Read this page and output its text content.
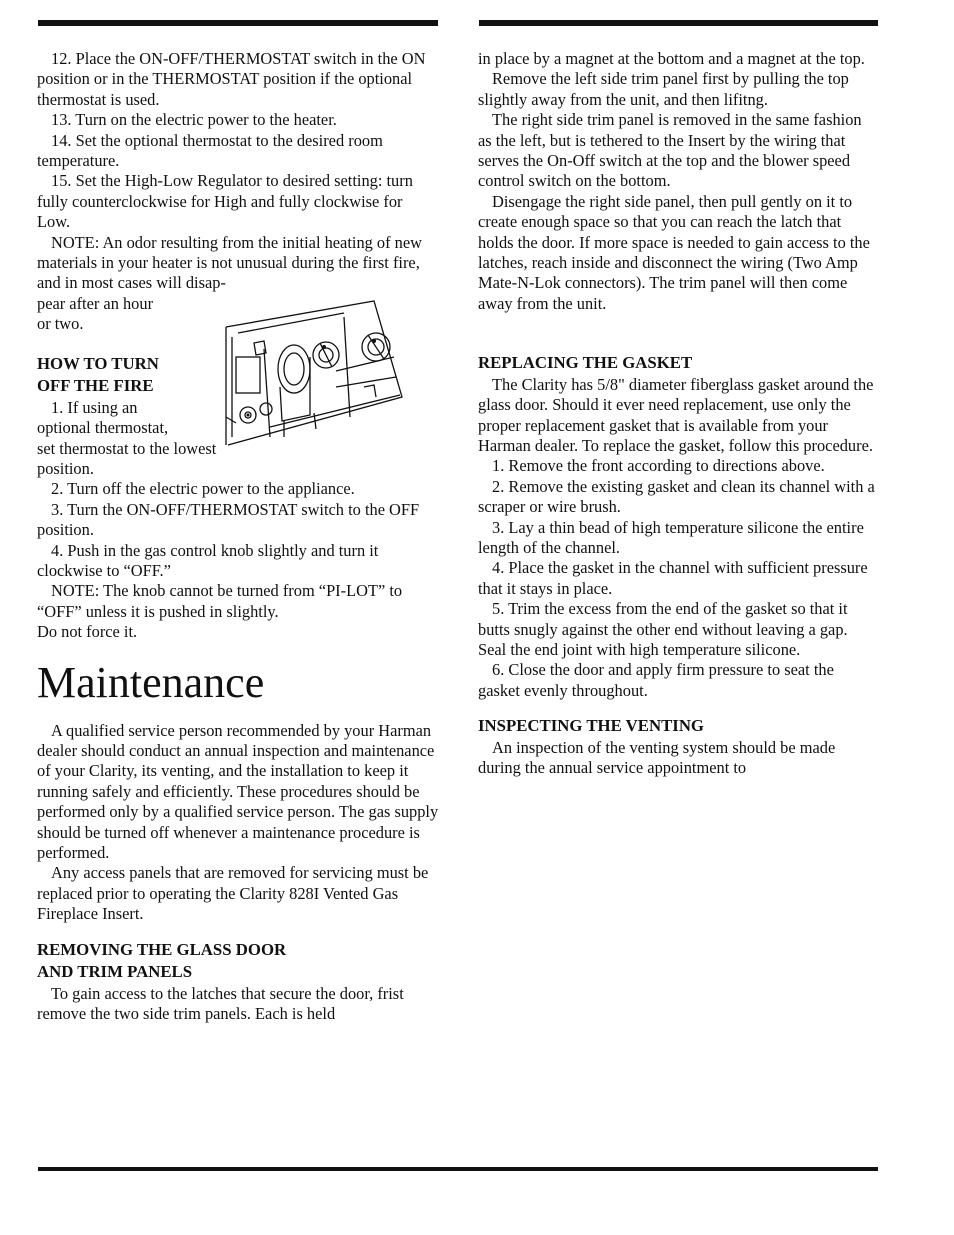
12. Place the ON-OFF/THERMOSTAT switch in the ON position or in the THERMOSTAT position if the optional thermostat is used.

13. Turn on the electric power to the heater.

14. Set the optional thermostat to the desired room temperature.

15. Set the High-Low Regulator to desired setting: turn fully counterclockwise for High and fully clockwise for Low.

NOTE: An odor resulting from the initial heating of new materials in your heater is not unusual during the first fire, and in most cases will disap-

pear after an hour

or two.

HOW TO TURN

OFF THE FIRE

1. If using an

optional thermostat,

set thermostat to the lowest

position.

2. Turn off the electric power to the appliance.

3. Turn the ON-OFF/THERMOSTAT switch to the OFF position.

4. Push in the gas control knob slightly and turn it clockwise to “OFF.”

NOTE: The knob cannot be turned from “PI-LOT” to “OFF” unless it is pushed in slightly.

Do not force it.

Maintenance

A qualified service person recommended by your Harman dealer should conduct an annual inspection and maintenance of your Clarity, its venting, and the installation to keep it running safely and efficiently. These procedures should be performed only by a qualified service person. The gas supply should be turned off whenever a maintenance procedure is performed.

Any access panels that are removed for servicing must be replaced prior to operating the Clarity 828I Vented Gas Fireplace Insert.

REMOVING THE GLASS DOOR

AND TRIM PANELS

To gain access to the latches that secure the door, frist remove the two side trim panels. Each is held

in place by a magnet at the bottom and a magnet at the top.

Remove the left side trim panel first by pulling the top slightly away from the unit, and then lifitng.

The right side trim panel is removed in the same fashion as the left, but is tethered to the Insert by the wiring that serves the On-Off switch at the top and the blower speed control switch on the bottom.

Disengage the right side panel, then pull gently on it to create enough space so that you can reach the latch that holds the door. If more space is needed to gain access to the latches, reach inside and disconnect the wiring (Two Amp Mate-N-Lok connectors). The trim panel will then come away from the unit.

REPLACING THE GASKET

The Clarity has 5/8" diameter fiberglass gasket around the glass door. Should it ever need replacement, use only the proper replacement gasket that is available from your Harman dealer. To replace the gasket, follow this procedure.

1. Remove the front according to directions above.

2. Remove the existing gasket and clean its channel with a scraper or wire brush.

3. Lay a thin bead of high temperature silicone the entire length of the channel.

4. Place the gasket in the channel with sufficient pressure that it stays in place.

5. Trim the excess from the end of the gasket so that it butts snugly against the other end without leaving a gap. Seal the end joint with high temperature silicone.

6. Close the door and apply firm pressure to seat the gasket evenly throughout.

INSPECTING THE VENTING

An inspection of the venting system should be made during the annual service appointment to
